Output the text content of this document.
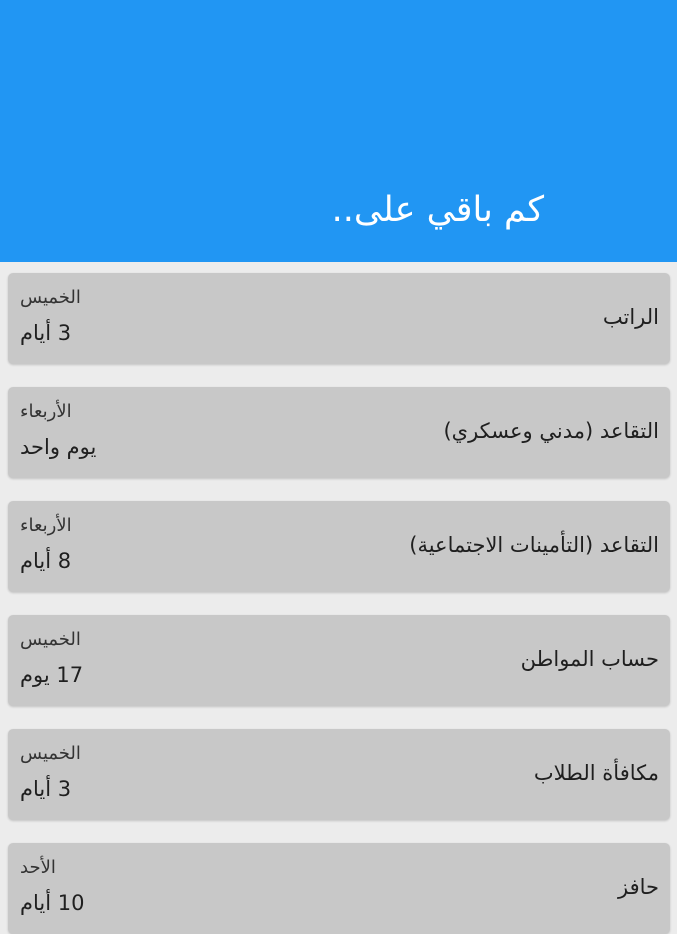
كم باقي على..
الراتب
الخميس
3 أيام
التقاعد (مدني وعسكري)
الأربعاء
يوم واحد
التقاعد (التأمينات الاجتماعية)
الأربعاء
8 أيام
حساب المواطن
الخميس
17 يوم
مكافأة الطلاب
الخميس
3 أيام
حافز
الأحد
10 أيام
